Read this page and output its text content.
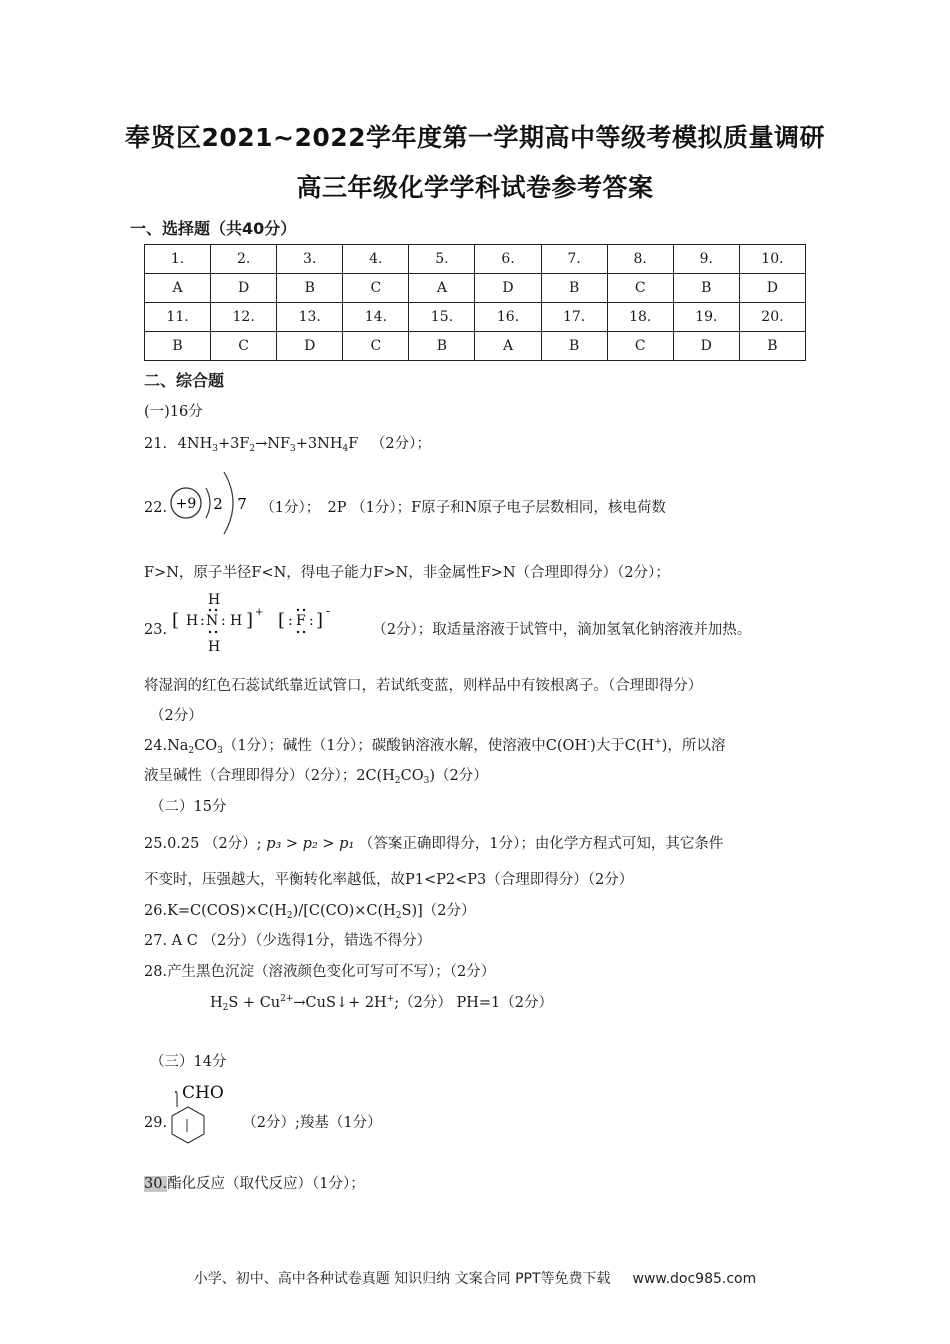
奉贤区2021~2022学年度第一学期高中等级考模拟质量调研
高三年级化学学科试卷参考答案
一、选择题（共40分）
1.	2.	3.	4.	5.	6.	7.	8.	9.	10.
A	D	B	C	A	D	B	C	B	D
11.	12.	13.	14.	15.	16.	17.	18.	19.	20.
B	C	D	C	B	A	B	C	D	B
二、综合题
(一)16分
21. $4NH_3+3F_2\to NF_3+3NH_4F$ （2分）；
22.	（1分）；　2P （1分）；F原子和N原子电子层数相同，核电荷数
+9 2 7
F>N，原子半径F<N，得电子能力F>N，非金属性F>N（合理即得分）（2分）；
[ H : N : H
H
H
] + [ : F : ] -
23.	（2分）；取适量溶液于试管中，滴加氢氧化钠溶液并加热。
将湿润的红色石蕊试纸靠近试管口，若试纸变蓝，则样品中有铵根离子。（合理即得分）
（2分）
$24.Na_2CO_3(1$分）；碱性（1分）；碳酸钠溶液水解，使溶液中C(OH-)大于C(H+)，所以溶
液呈碱性（合理即得分）（2分）；$2C(H_2CO_3)(2$分）
（二）15分
25.0.25 （2分）; p₃ > p₂ > p₁ （答案正确即得分，1分）；由化学方程式可知，其它条件
不变时，压强越大，平衡转化率越低，故P1<P2<P3（合理即得分）（2分）
$26.K=C(COS)\times C(H_2)/[C(CO)\times C(H_2S)](2$分）
27. A C （2分）（少选得1分，错选不得分）
28.产生黑色沉淀（溶液颜色变化可写可不写）；（2分）
$H_2S$ + $Cu^{2+}\to CuS↓+$ 2H+;（2分） PH=1（2分）
（三）14分
CHO
29.	（2分）;羧基（1分）
30.酯化反应（取代反应）（1分）；
小学、初中、高中各种试卷真题 知识归纳 文案合同 PPT等免费下载 www.doc985.com
